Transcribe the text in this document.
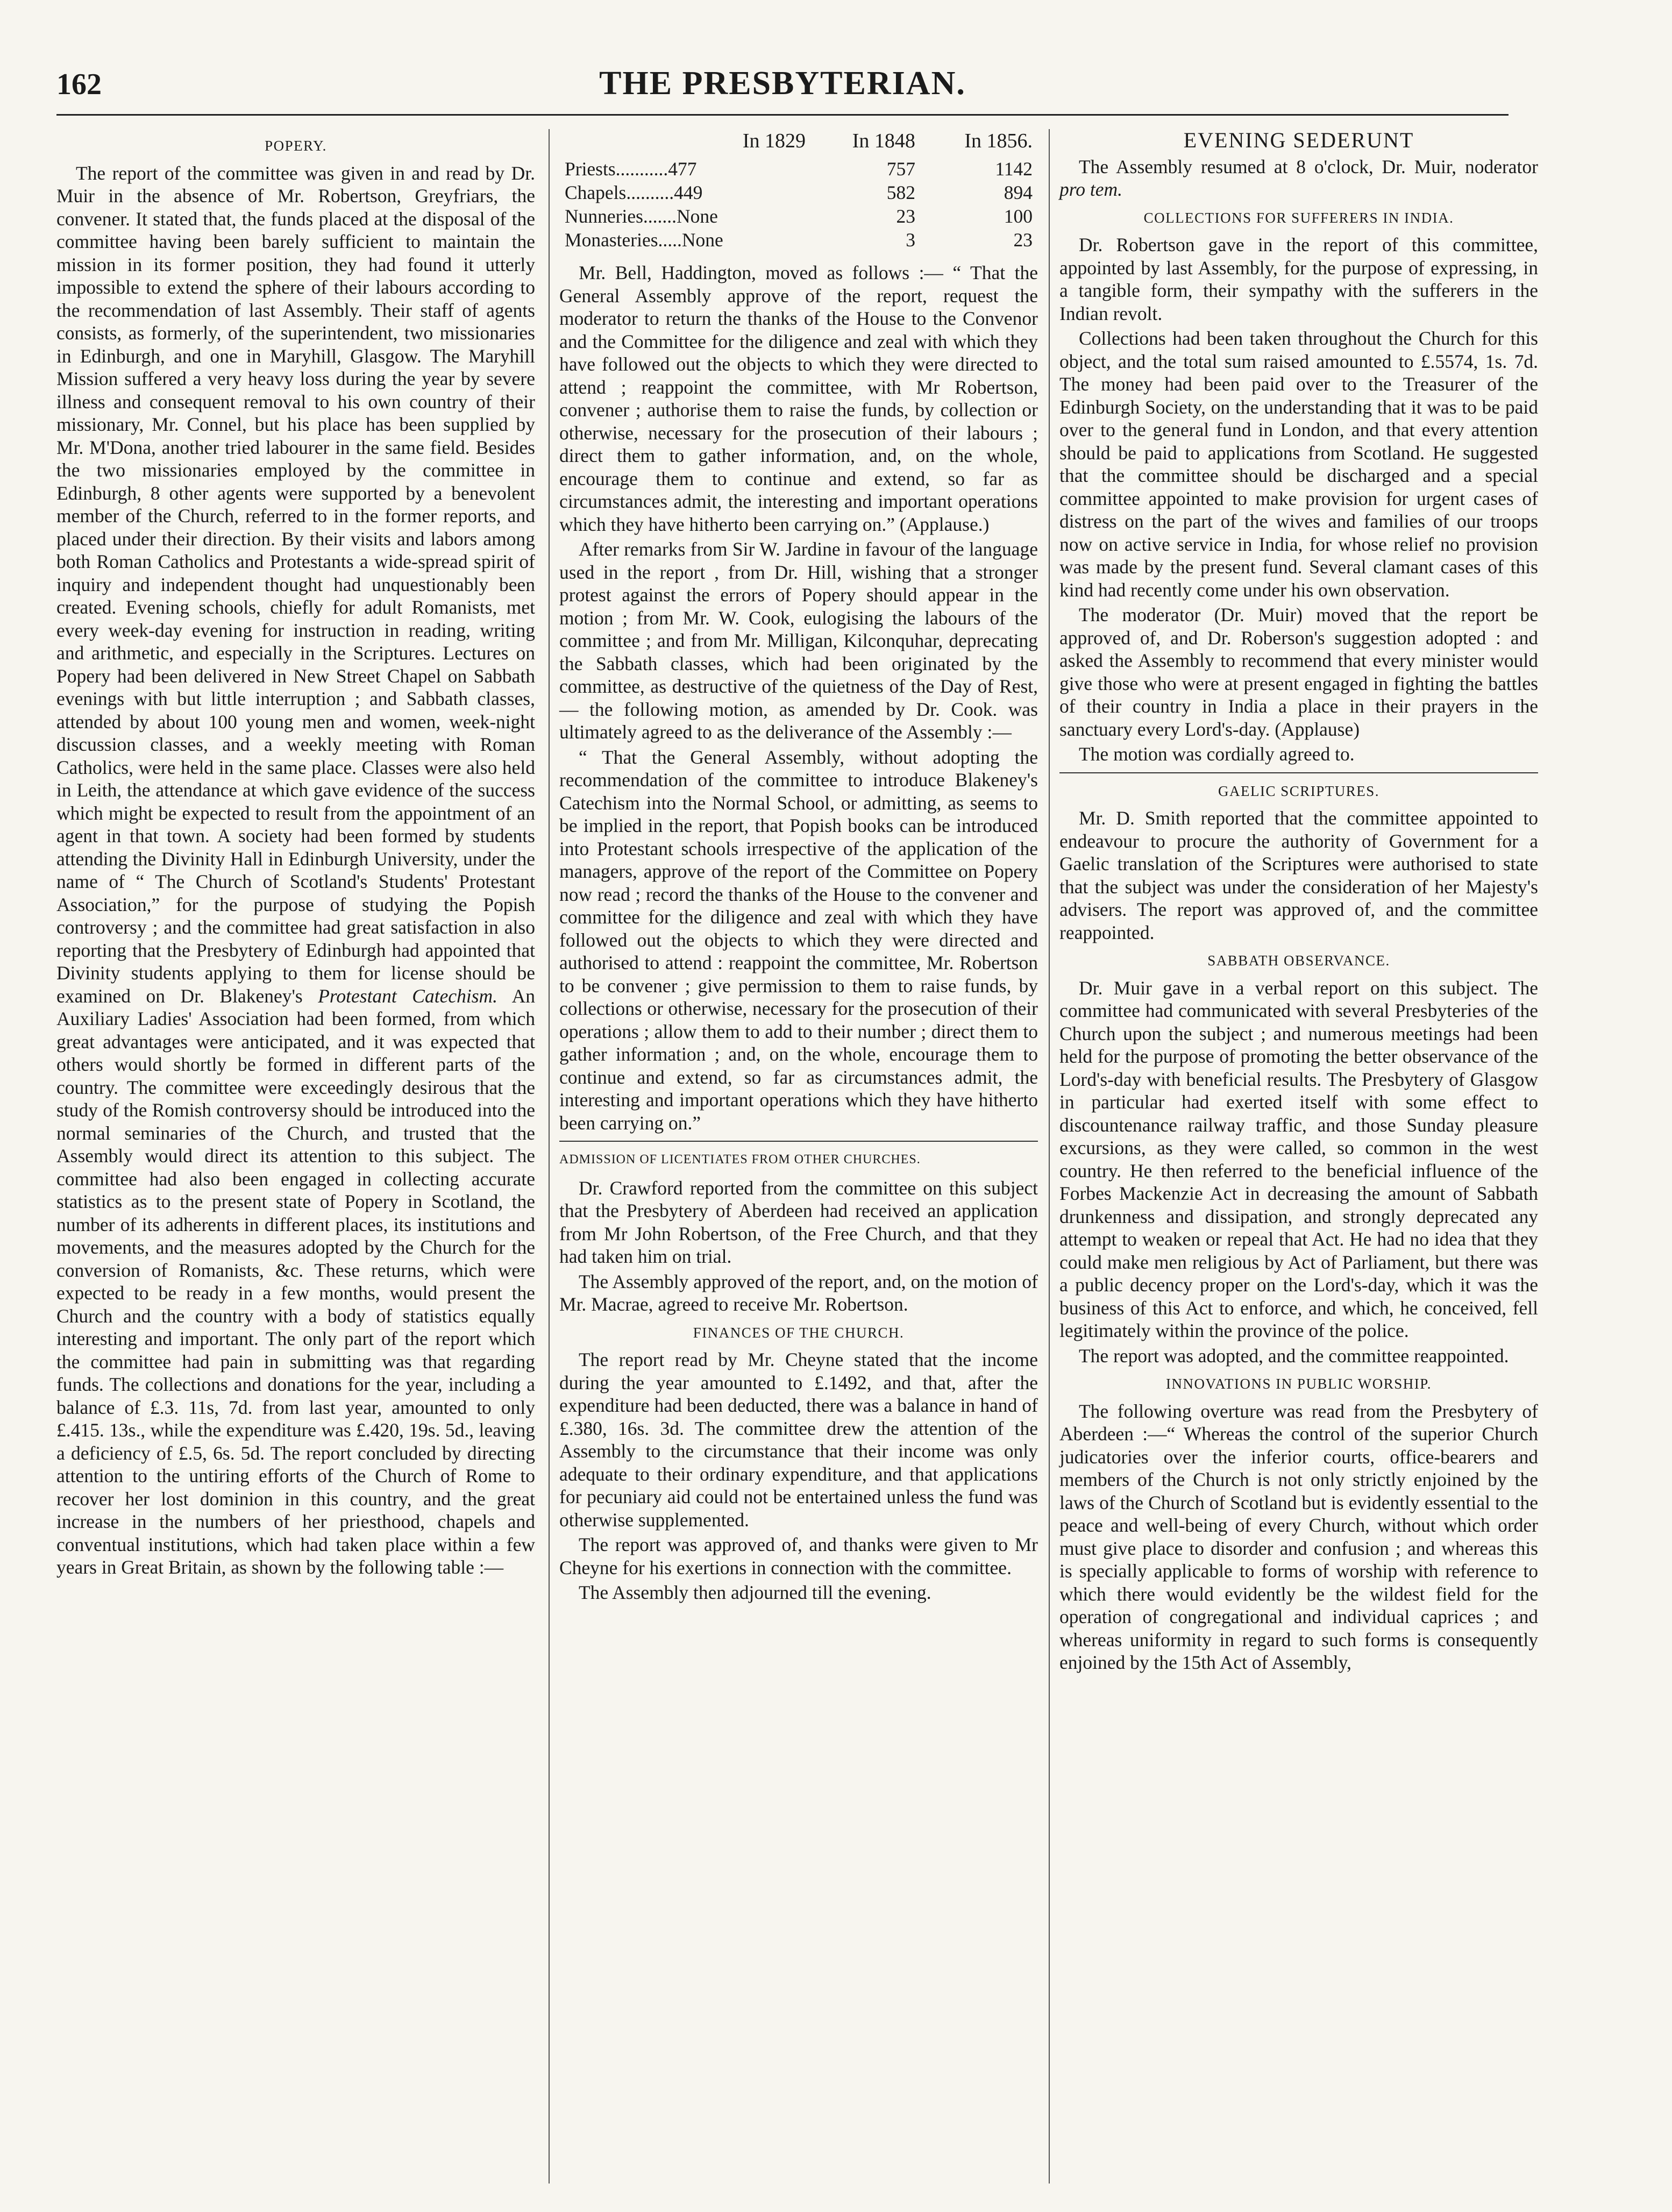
162	THE PRESBYTERIAN.
POPERY.

The report of the committee was given in and read by Dr. Muir in the absence of Mr. Robertson, Greyfriars, the convener. It stated that, the funds placed at the disposal of the committee having been barely sufficient to maintain the mission in its former position, they had found it utterly impossible to extend the sphere of their labours according to the recommendation of last Assembly. Their staff of agents consists, as formerly, of the superintendent, two missionaries in Edinburgh, and one in Maryhill, Glasgow. The Maryhill Mission suffered a very heavy loss during the year by severe illness and consequent removal to his own country of their missionary, Mr. Connel, but his place has been supplied by Mr. M'Dona, another tried labourer in the same field. Besides the two missionaries employed by the committee in Edinburgh, 8 other agents were supported by a benevolent member of the Church, referred to in the former reports, and placed under their direction. By their visits and labors among both Roman Catholics and Protestants a wide-spread spirit of inquiry and independent thought had unquestionably been created. Evening schools, chiefly for adult Romanists, met every week-day evening for instruction in reading, writing and arithmetic, and especially in the Scriptures. Lectures on Popery had been delivered in New Street Chapel on Sabbath evenings with but little interruption ; and Sabbath classes, attended by about 100 young men and women, week-night discussion classes, and a weekly meeting with Roman Catholics, were held in the same place. Classes were also held in Leith, the attendance at which gave evidence of the success which might be expected to result from the appointment of an agent in that town. A society had been formed by students attending the Divinity Hall in Edinburgh University, under the name of “ The Church of Scotland's Students' Protestant Association,” for the purpose of studying the Popish controversy ; and the committee had great satisfaction in also reporting that the Presbytery of Edinburgh had appointed that Divinity students applying to them for license should be examined on Dr. Blakeney's Protestant Catechism. An Auxiliary Ladies' Association had been formed, from which great advantages were anticipated, and it was expected that others would shortly be formed in different parts of the country. The committee were exceedingly desirous that the study of the Romish controversy should be introduced into the normal seminaries of the Church, and trusted that the Assembly would direct its attention to this subject. The committee had also been engaged in collecting accurate statistics as to the present state of Popery in Scotland, the number of its adherents in different places, its institutions and movements, and the measures adopted by the Church for the conversion of Romanists, &c. These returns, which were expected to be ready in a few months, would present the Church and the country with a body of statistics equally interesting and important. The only part of the report which the committee had pain in submitting was that regarding funds. The collections and donations for the year, including a balance of £.3. 11s, 7d. from last year, amounted to only £.415. 13s., while the expenditure was £.420, 19s. 5d., leaving a deficiency of £.5, 6s. 5d. The report concluded by directing attention to the untiring efforts of the Church of Rome to recover her lost dominion in this country, and the great increase in the numbers of her priesthood, chapels and conventual institutions, which had taken place within a few years in Great Britain, as shown by the following table :—

In 1829	In 1848	In 1856.
Priests...........477	757	1142
Chapels..........449	582	894
Nunneries.......None	23	100
Monasteries.....None	3	23

Mr. Bell, Haddington, moved as follows :— “ That the General Assembly approve of the report, request the moderator to return the thanks of the House to the Convenor and the Committee for the diligence and zeal with which they have followed out the objects to which they were directed to attend ; reappoint the committee, with Mr Robertson, convener ; authorise them to raise the funds, by collection or otherwise, necessary for the prosecution of their labours ; direct them to gather information, and, on the whole, encourage them to continue and extend, so far as circumstances admit, the interesting and important operations which they have hitherto been carrying on.” (Applause.)

After remarks from Sir W. Jardine in favour of the language used in the report , from Dr. Hill, wishing that a stronger protest against the errors of Popery should appear in the motion ; from Mr. W. Cook, eulogising the labours of the committee ; and from Mr. Milligan, Kilconquhar, deprecating the Sabbath classes, which had been originated by the committee, as destructive of the quietness of the Day of Rest,— the following motion, as amended by Dr. Cook. was ultimately agreed to as the deliverance of the Assembly :—

“ That the General Assembly, without adopting the recommendation of the committee to introduce Blakeney's Catechism into the Normal School, or admitting, as seems to be implied in the report, that Popish books can be introduced into Protestant schools irrespective of the application of the managers, approve of the report of the Committee on Popery now read ; record the thanks of the House to the convener and committee for the diligence and zeal with which they have followed out the objects to which they were directed and authorised to attend : reappoint the committee, Mr. Robertson to be convener ; give permission to them to raise funds, by collections or otherwise, necessary for the prosecution of their operations ; allow them to add to their number ; direct them to gather information ; and, on the whole, encourage them to continue and extend, so far as circumstances admit, the interesting and important operations which they have hitherto been carrying on.”

ADMISSION OF LICENTIATES FROM OTHER CHURCHES.

Dr. Crawford reported from the committee on this subject that the Presbytery of Aberdeen had received an application from Mr John Robertson, of the Free Church, and that they had taken him on trial.

The Assembly approved of the report, and, on the motion of Mr. Macrae, agreed to receive Mr. Robertson.

FINANCES OF THE CHURCH.

The report read by Mr. Cheyne stated that the income during the year amounted to £.1492, and that, after the expenditure had been deducted, there was a balance in hand of £.380, 16s. 3d. The committee drew the attention of the Assembly to the circumstance that their income was only adequate to their ordinary expenditure, and that applications for pecuniary aid could not be entertained unless the fund was otherwise supplemented.

The report was approved of, and thanks were given to Mr Cheyne for his exertions in connection with the committee.

The Assembly then adjourned till the evening.

EVENING SEDERUNT

The Assembly resumed at 8 o'clock, Dr. Muir, noderator pro tem.

COLLECTIONS FOR SUFFERERS IN INDIA.

Dr. Robertson gave in the report of this committee, appointed by last Assembly, for the purpose of expressing, in a tangible form, their sympathy with the sufferers in the Indian revolt.

Collections had been taken throughout the Church for this object, and the total sum raised amounted to £.5574, 1s. 7d. The money had been paid over to the Treasurer of the Edinburgh Society, on the understanding that it was to be paid over to the general fund in London, and that every attention should be paid to applications from Scotland. He suggested that the committee should be discharged and a special committee appointed to make provision for urgent cases of distress on the part of the wives and families of our troops now on active service in India, for whose relief no provision was made by the present fund. Several clamant cases of this kind had recently come under his own observation.

The moderator (Dr. Muir) moved that the report be approved of, and Dr. Roberson's suggestion adopted : and asked the Assembly to recommend that every minister would give those who were at present engaged in fighting the battles of their country in India a place in their prayers in the sanctuary every Lord's-day. (Applause)

The motion was cordially agreed to.

GAELIC SCRIPTURES.

Mr. D. Smith reported that the committee appointed to endeavour to procure the authority of Government for a Gaelic translation of the Scriptures were authorised to state that the subject was under the consideration of her Majesty's advisers. The report was approved of, and the committee reappointed.

SABBATH OBSERVANCE.

Dr. Muir gave in a verbal report on this subject. The committee had communicated with several Presbyteries of the Church upon the subject ; and numerous meetings had been held for the purpose of promoting the better observance of the Lord's-day with beneficial results. The Presbytery of Glasgow in particular had exerted itself with some effect to discountenance railway traffic, and those Sunday pleasure excursions, as they were called, so common in the west country. He then referred to the beneficial influence of the Forbes Mackenzie Act in decreasing the amount of Sabbath drunkenness and dissipation, and strongly deprecated any attempt to weaken or repeal that Act. He had no idea that they could make men religious by Act of Parliament, but there was a public decency proper on the Lord's-day, which it was the business of this Act to enforce, and which, he conceived, fell legitimately within the province of the police.

The report was adopted, and the committee reappointed.

INNOVATIONS IN PUBLIC WORSHIP.

The following overture was read from the Presbytery of Aberdeen :—“ Whereas the control of the superior Church judicatories over the inferior courts, office-bearers and members of the Church is not only strictly enjoined by the laws of the Church of Scotland but is evidently essential to the peace and well-being of every Church, without which order must give place to disorder and confusion ; and whereas this is specially applicable to forms of worship with reference to which there would evidently be the wildest field for the operation of congregational and individual caprices ; and whereas uniformity in regard to such forms is consequently enjoined by the 15th Act of Assembly,
